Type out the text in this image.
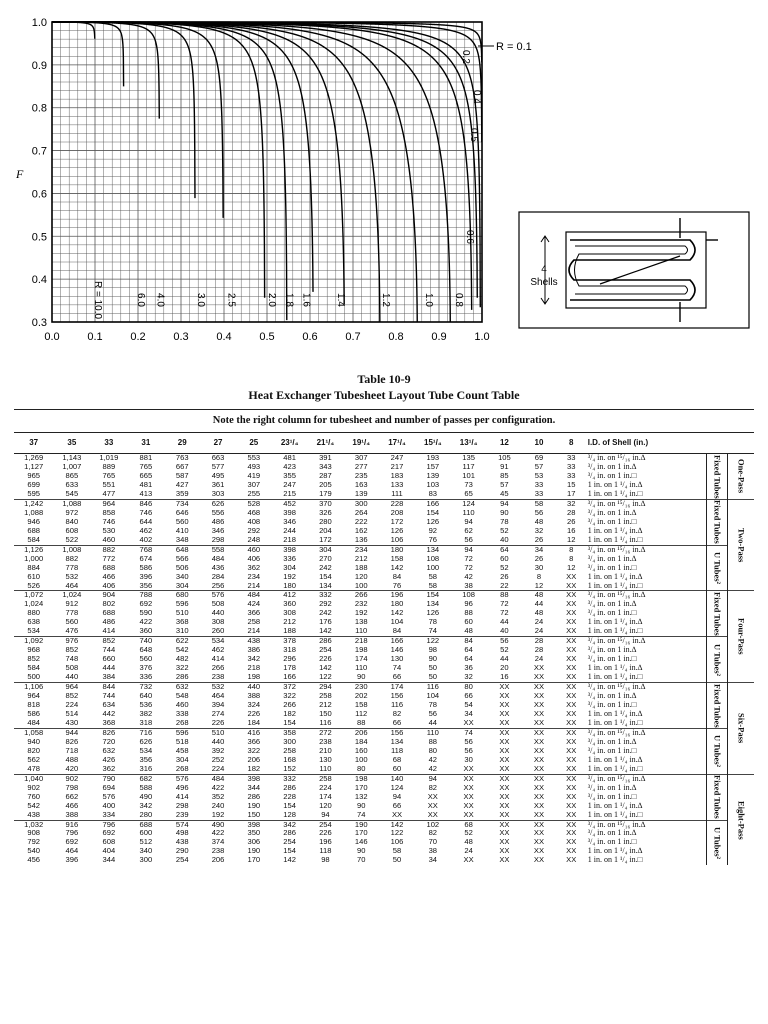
0.0	0.1	0.2	0.3	0.4	0.5	0.6	0.7	0.8	0.9	1.0
0.3
0.4
0.5
0.6
0.7
0.8
0.9
1.0
F
R = 10.0	6.0 4.0	3.0 2.5	2.0 1.8 1.6 1.4	1.2	1.0 0.8
R = 0.1
0.2
0.4
0.5
0.6
4
Shells
Table 10-9
Heat Exchanger Tubesheet Layout Tube Count Table
Note the right column for tubesheet and number of passes per configuration.																		
37	35	33	31	29	27	25	23¹/₄	21¹/₄	19¹/₄	17¹/₄	15¹/₄	13¹/₄	12	10	8	I.D. of Shell (in.)		
1,269	1,143	1,019	881	763	663	553	481	391	307	247	193	135	105	69	33	³/₄ in. on ¹⁵/₁₆ in.∆	Fixed Tubes	One-Pass

1,127	1,007	889	765	667	577	493	423	343	277	217	157	117	91	57	33	³/₄ in. on 1 in.∆		
965	865	765	665	587	495	419	355	287	235	183	139	101	85	53	33	³/₄ in. on 1 in.□		
699	633	551	481	427	361	307	247	205	163	133	103	73	57	33	15	1 in. on 1 ¹/₄ in.∆		
595	545	477	413	359	303	255	215	179	139	111	83	65	45	33	17	1 in. on 1 ¹/₄ in.□		
1,242	1,088	964	846	734	626	528	452	370	300	228	166	124	94	58	32	³/₄ in. on ¹⁵/₁₆ in.∆	Fixed Tubes	Two-Pass

1,088	972	858	746	646	556	468	398	326	264	208	154	110	90	56	28	³/₄ in. on 1 in.∆		
946	840	746	644	560	486	408	346	280	222	172	126	94	78	48	26	³/₄ in. on 1 in.□		
688	608	530	462	410	346	292	244	204	162	126	92	62	52	32	16	1 in. on 1 ¹/₄ in.∆		
584	522	460	402	348	298	248	218	172	136	106	76	56	40	26	12	1 in. on 1 ¹/₄ in.□		
1,126	1,008	882	768	648	558	460	398	304	234	180	134	94	64	34	8	³/₄ in. on ¹⁵/₁₆ in.∆	U Tubes²	

1,000	882	772	674	566	484	406	336	270	212	158	108	72	60	26	8	³/₄ in. on 1 in.∆		
884	778	688	586	506	436	362	304	242	188	142	100	72	52	30	12	³/₄ in. on 1 in.□		
610	532	466	396	340	284	234	192	154	120	84	58	42	26	8	XX	1 in. on 1 ¹/₄ in.∆		
526	464	406	356	304	256	214	180	134	100	76	58	38	22	12	XX	1 in. on 1 ¹/₄ in.□		
1,072	1,024	904	788	680	576	484	412	332	266	196	154	108	88	48	XX	³/₄ in. on ¹⁵/₁₆ in.∆	Fixed Tubes	Four-Pass

1,024	912	802	692	596	508	424	360	292	232	180	134	96	72	44	XX	³/₄ in. on 1 in.∆		
880	778	688	590	510	440	366	308	242	192	142	126	88	72	48	XX	³/₄ in. on 1 in.□		
638	560	486	422	368	308	258	212	176	138	104	78	60	44	24	XX	1 in. on 1 ¹/₄ in.∆		
534	476	414	360	310	260	214	188	142	110	84	74	48	40	24	XX	1 in. on 1 ¹/₄ in.□		
1,092	976	852	740	622	534	438	378	286	218	166	122	84	56	28	XX	³/₄ in. on ¹⁵/₁₆ in.∆	U Tubes²	

968	852	744	648	542	462	386	318	254	198	146	98	64	52	28	XX	³/₄ in. on 1 in.∆		
852	748	660	560	482	414	342	296	226	174	130	90	64	44	24	XX	³/₄ in. on 1 in.□		
584	508	444	376	322	266	218	178	142	110	74	50	36	20	XX	XX	1 in. on 1 ¹/₄ in.∆		
500	440	384	336	286	238	198	166	122	90	66	50	32	16	XX	XX	1 in. on 1 ¹/₄ in.□		
1,106	964	844	732	632	532	440	372	294	230	174	116	80	XX	XX	XX	³/₄ in. on ¹⁵/₁₆ in.∆	Fixed Tubes	Six-Pass

964	852	744	640	548	464	388	322	258	202	156	104	66	XX	XX	XX	³/₄ in. on 1 in.∆		
818	224	634	536	460	394	324	266	212	158	116	78	54	XX	XX	XX	³/₄ in. on 1 in.□		
586	514	442	382	338	274	226	182	150	112	82	56	34	XX	XX	XX	1 in. on 1 ¹/₄ in.∆		
484	430	368	318	268	226	184	154	116	88	66	44	XX	XX	XX	XX	1 in. on 1 ¹/₄ in.□		
1,058	944	826	716	596	510	416	358	272	206	156	110	74	XX	XX	XX	³/₄ in. on ¹⁵/₁₆ in.∆	U Tubes²	

940	826	720	626	518	440	366	300	238	184	134	88	56	XX	XX	XX	³/₄ in. on 1 in.∆		
820	718	632	534	458	392	322	258	210	160	118	80	56	XX	XX	XX	³/₄ in. on 1 in.□		
562	488	426	356	304	252	206	168	130	100	68	42	30	XX	XX	XX	1 in. on 1 ¹/₄ in.∆		
478	420	362	316	268	224	182	152	110	80	60	42	XX	XX	XX	XX	1 in. on 1 ¹/₄ in.□		
1,040	902	790	682	576	484	398	332	258	198	140	94	XX	XX	XX	XX	³/₄ in. on ¹⁵/₁₆ in.∆	Fixed Tubes	Eight-Pass

902	798	694	588	496	422	344	286	224	170	124	82	XX	XX	XX	XX	³/₄ in. on 1 in.∆		
760	662	576	490	414	352	286	228	174	132	94	XX	XX	XX	XX	XX	³/₄ in. on 1 in.□		
542	466	400	342	298	240	190	154	120	90	66	XX	XX	XX	XX	XX	1 in. on 1 ¹/₄ in.∆		
438	388	334	280	239	192	150	128	94	74	XX	XX	XX	XX	XX	XX	1 in. on 1 ¹/₄ in.□		
1,032	916	796	688	574	490	398	342	254	190	142	102	68	XX	XX	XX	³/₄ in. on ¹⁵/₁₆ in.∆	U Tubes²	

908	796	692	600	498	422	350	286	226	170	122	82	52	XX	XX	XX	³/₄ in. on 1 in.∆		
792	692	608	512	438	374	306	254	196	146	106	70	48	XX	XX	XX	³/₄ in. on 1 in.□		
540	464	404	340	290	238	190	154	118	90	58	38	24	XX	XX	XX	1 in. on 1 ¹/₄ in.∆		
456	396	344	300	254	206	170	142	98	70	50	34	XX	XX	XX	XX	1 in. on 1 ¹/₄ in.□		
